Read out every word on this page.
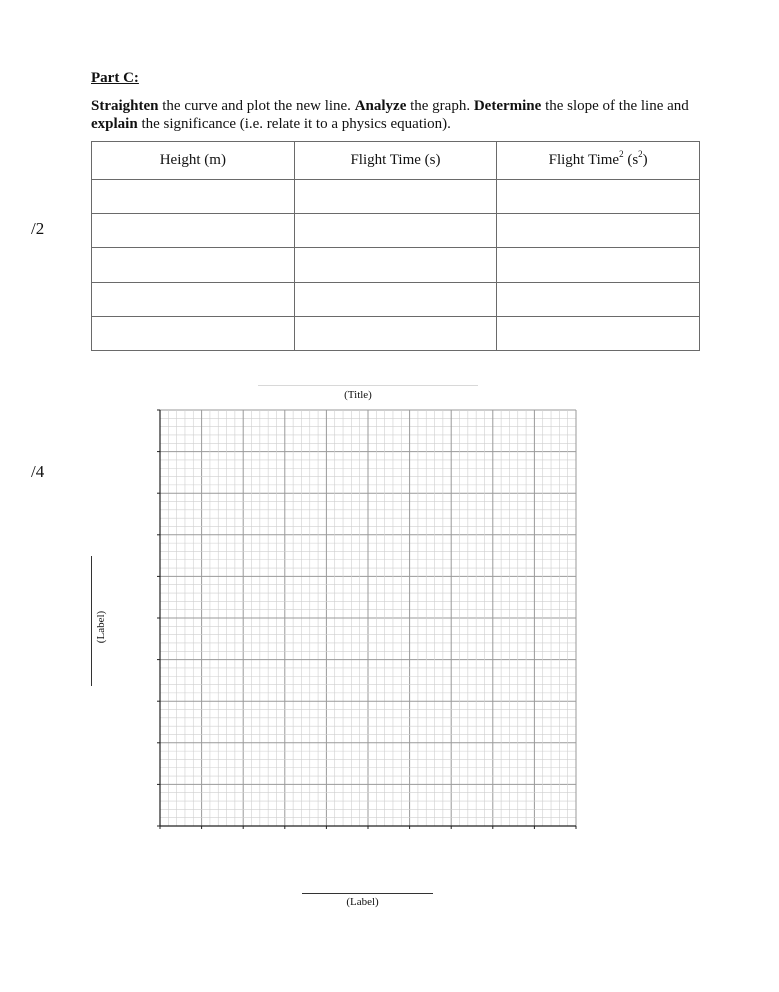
Part C:
Straighten the curve and plot the new line. Analyze the graph. Determine the slope of the line and explain the significance (i.e. relate it to a physics equation).
/2
/4
Height (m)	Flight Time (s)	Flight Time$^2$ $(s^2)$

(Title)
(Label)
(Label)
